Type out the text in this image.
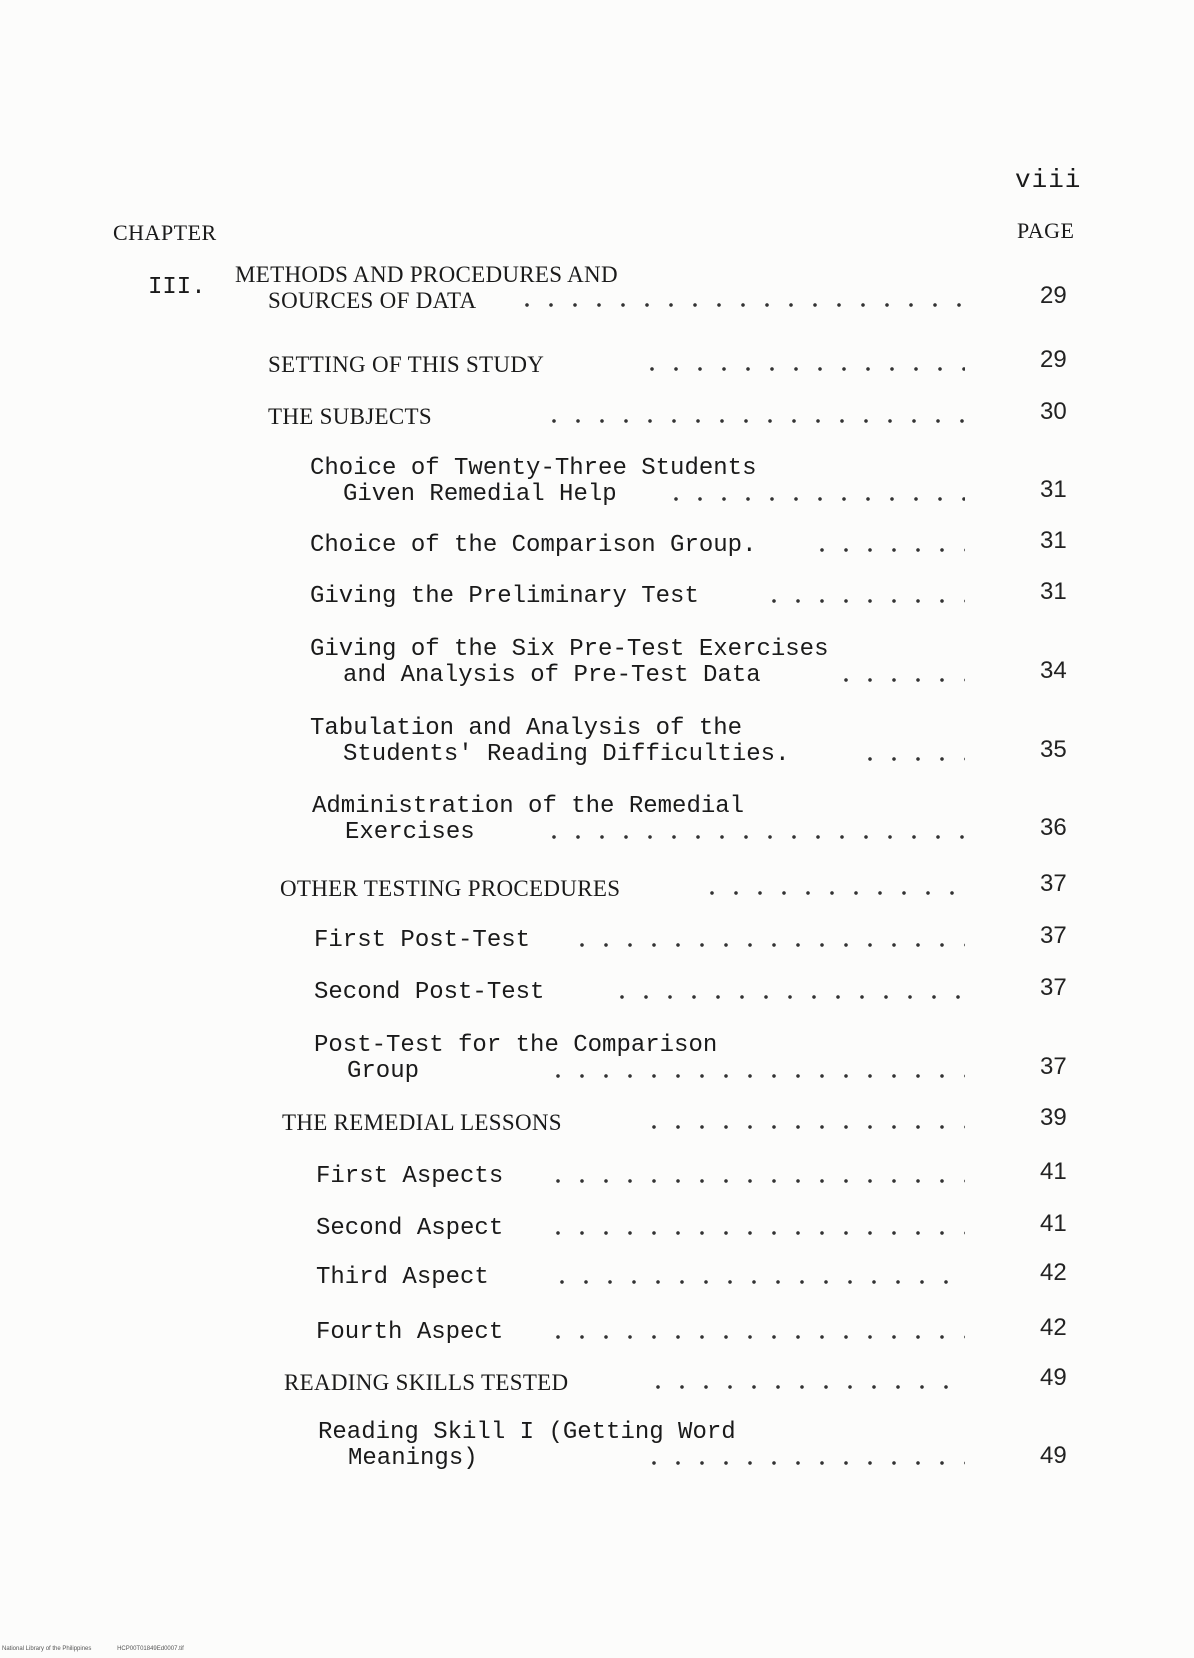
viii
CHAPTER	PAGE
III. METHODS AND PROCEDURES AND
SOURCES OF DATA	29
SETTING OF THIS STUDY	29
THE SUBJECTS	30
Choice of Twenty-Three Students
Given Remedial Help	31
Choice of the Comparison Group.	31
Giving the Preliminary Test	31
Giving of the Six Pre-Test Exercises
and Analysis of Pre-Test Data	34
Tabulation and Analysis of the
Students' Reading Difficulties.	35
Administration of the Remedial
Exercises	36
OTHER TESTING PROCEDURES	37
First Post-Test	37
Second Post-Test	37
Post-Test for the Comparison
Group	37
THE REMEDIAL LESSONS	39
First Aspects	41
Second Aspect	41
Third Aspect	42
Fourth Aspect	42
READING SKILLS TESTED	49
Reading Skill I (Getting Word
Meanings)	49
National Library of the Philippines	HCP00T01849Ed0007.tif
